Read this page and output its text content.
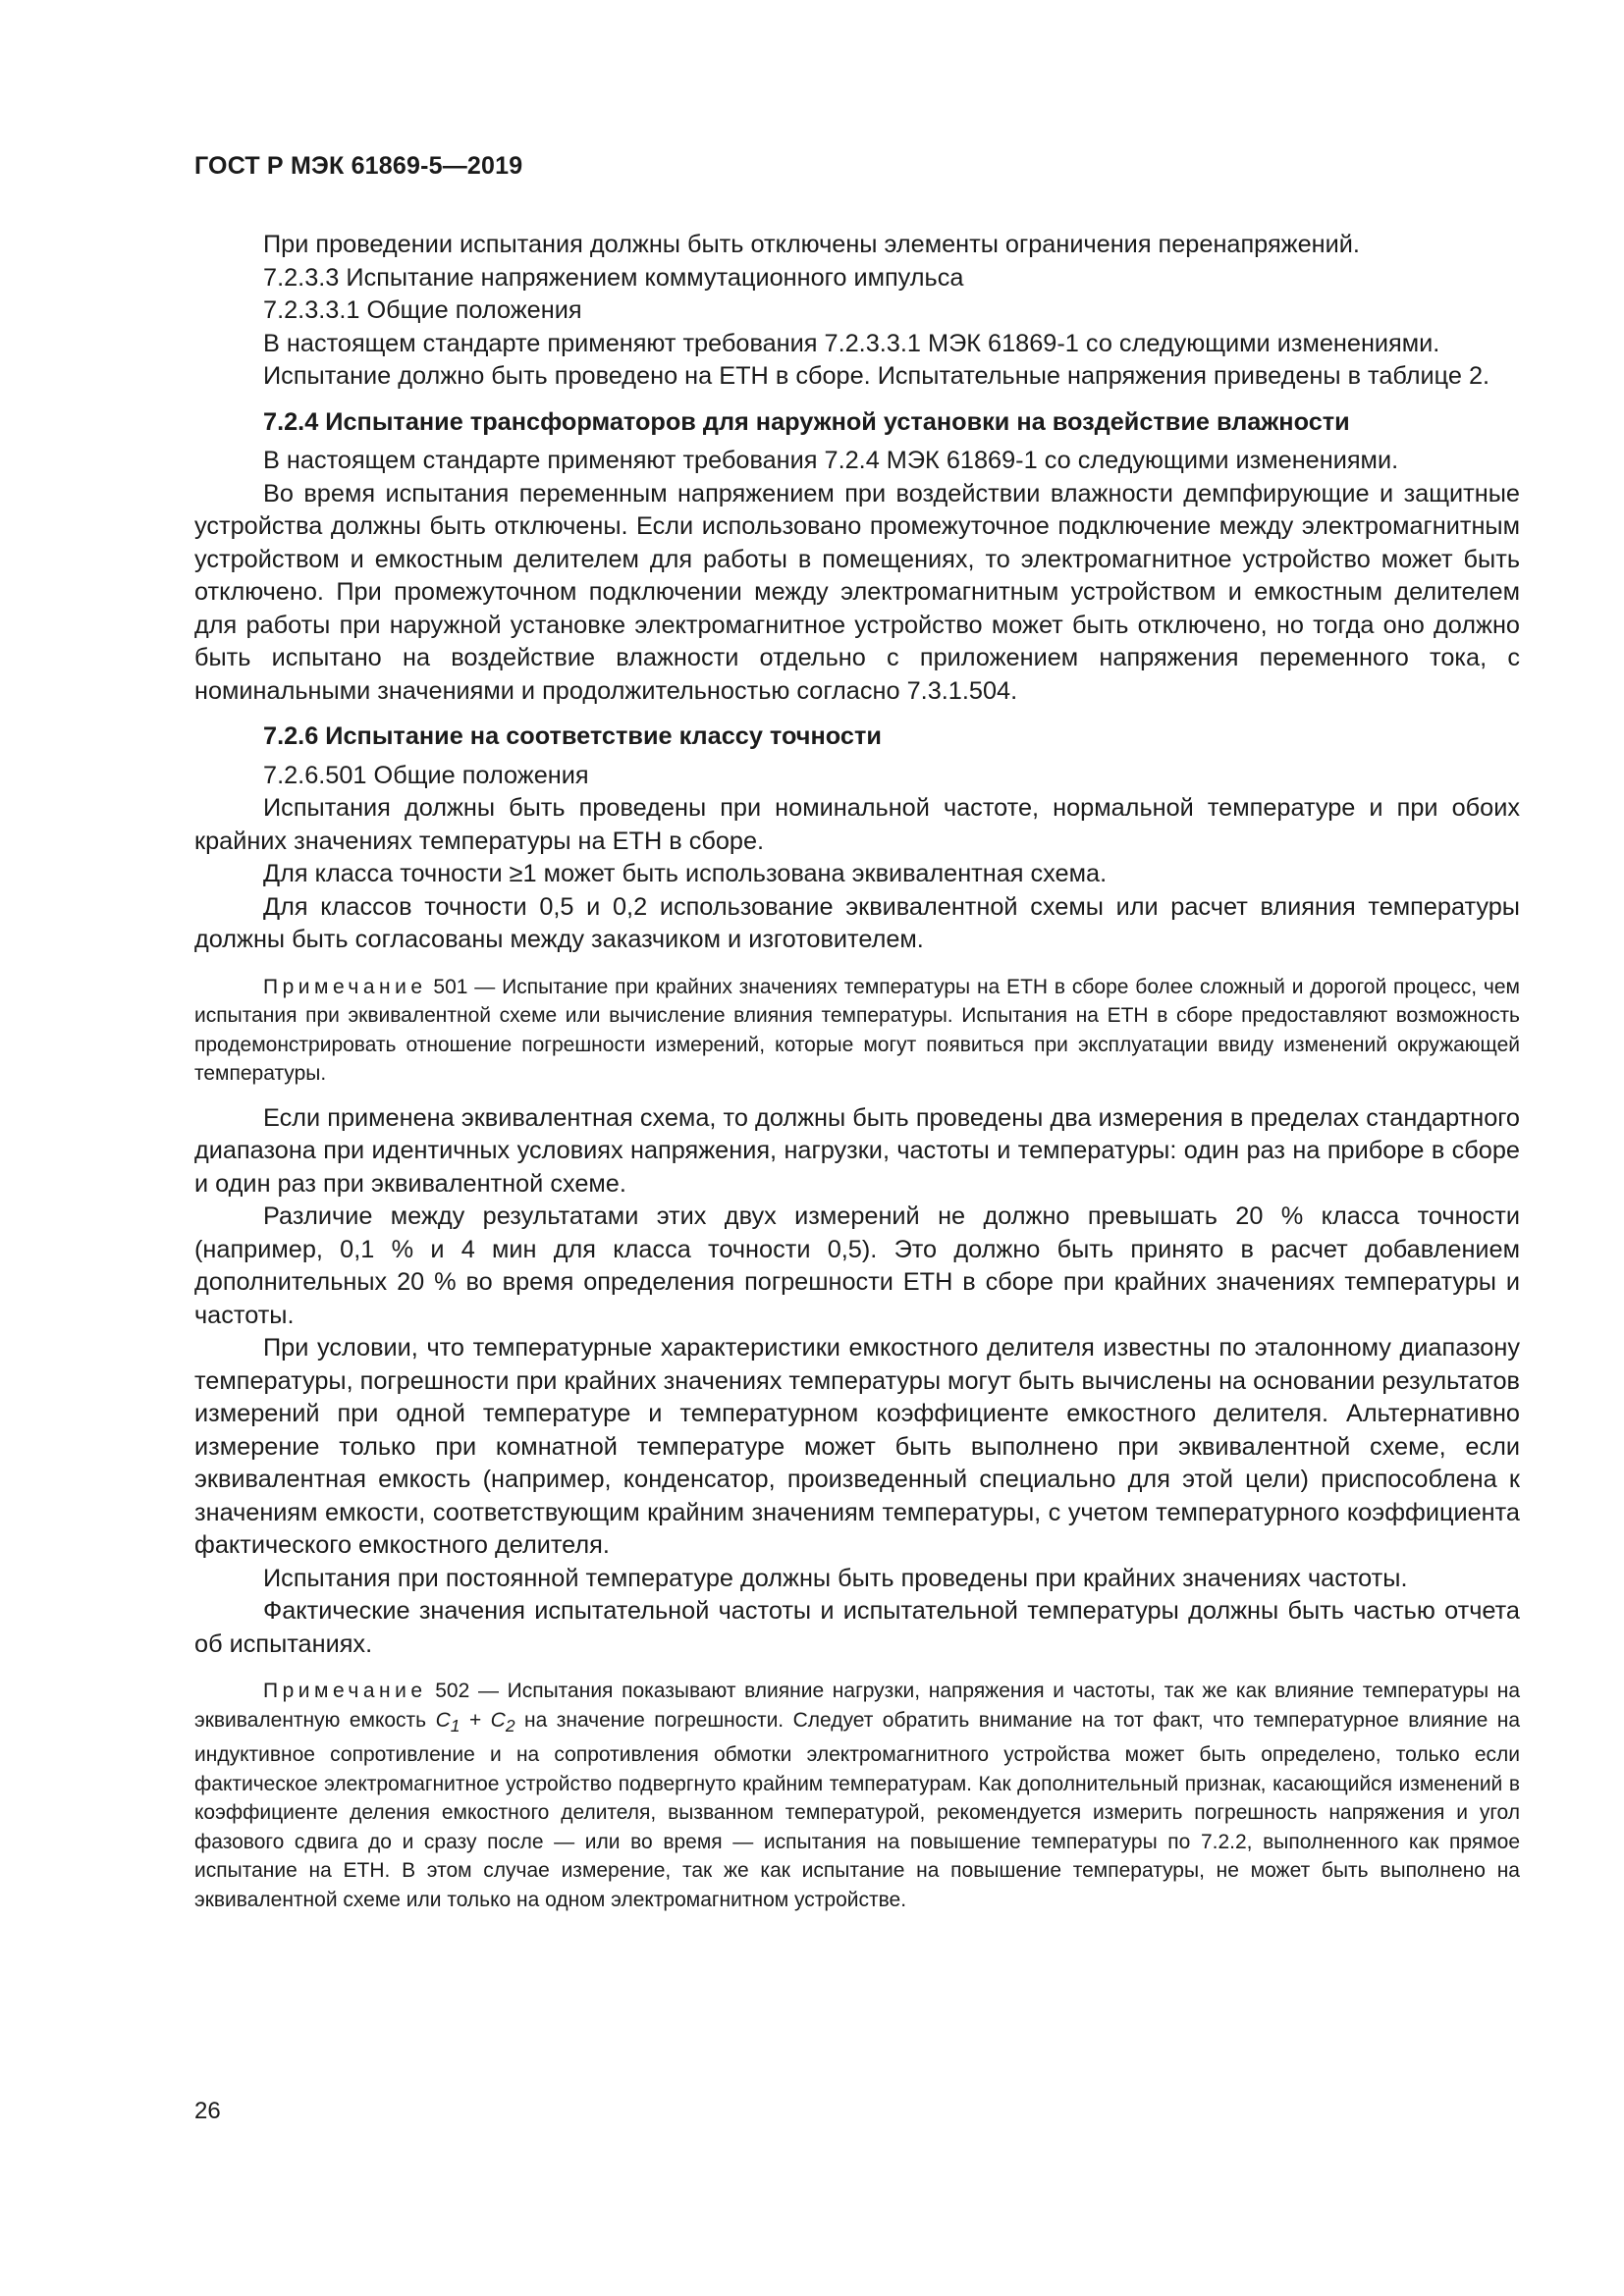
ГОСТ Р МЭК 61869-5—2019

При проведении испытания должны быть отключены элементы ограничения перенапряжений.

7.2.3.3 Испытание напряжением коммутационного импульса

7.2.3.3.1 Общие положения

В настоящем стандарте применяют требования 7.2.3.3.1 МЭК 61869-1 со следующими изменениями.

Испытание должно быть проведено на ЕТН в сборе. Испытательные напряжения приведены в таблице 2.

7.2.4 Испытание трансформаторов для наружной установки на воздействие влажности

В настоящем стандарте применяют требования 7.2.4 МЭК 61869-1 со следующими изменениями.

Во время испытания переменным напряжением при воздействии влажности демпфирующие и защитные устройства должны быть отключены. Если использовано промежуточное подключение между электромагнитным устройством и емкостным делителем для работы в помещениях, то электромагнитное устройство может быть отключено. При промежуточном подключении между электромагнитным устройством и емкостным делителем для работы при наружной установке электромагнитное устройство может быть отключено, но тогда оно должно быть испытано на воздействие влажности отдельно с приложением напряжения переменного тока, с номинальными значениями и продолжительностью согласно 7.3.1.504.

7.2.6 Испытание на соответствие классу точности

7.2.6.501 Общие положения

Испытания должны быть проведены при номинальной частоте, нормальной температуре и при обоих крайних значениях температуры на ЕТН в сборе.

Для класса точности ≥1 может быть использована эквивалентная схема.

Для классов точности 0,5 и 0,2 использование эквивалентной схемы или расчет влияния температуры должны быть согласованы между заказчиком и изготовителем.

Примечание 501 — Испытание при крайних значениях температуры на ЕТН в сборе более сложный и дорогой процесс, чем испытания при эквивалентной схеме или вычисление влияния температуры. Испытания на ЕТН в сборе предоставляют возможность продемонстрировать отношение погрешности измерений, которые могут появиться при эксплуатации ввиду изменений окружающей температуры.

Если применена эквивалентная схема, то должны быть проведены два измерения в пределах стандартного диапазона при идентичных условиях напряжения, нагрузки, частоты и температуры: один раз на приборе в сборе и один раз при эквивалентной схеме.

Различие между результатами этих двух измерений не должно превышать 20 % класса точности (например, 0,1 % и 4 мин для класса точности 0,5). Это должно быть принято в расчет добавлением дополнительных 20 % во время определения погрешности ЕТН в сборе при крайних значениях температуры и частоты.

При условии, что температурные характеристики емкостного делителя известны по эталонному диапазону температуры, погрешности при крайних значениях температуры могут быть вычислены на основании результатов измерений при одной температуре и температурном коэффициенте емкостного делителя. Альтернативно измерение только при комнатной температуре может быть выполнено при эквивалентной схеме, если эквивалентная емкость (например, конденсатор, произведенный специально для этой цели) приспособлена к значениям емкости, соответствующим крайним значениям температуры, с учетом температурного коэффициента фактического емкостного делителя.

Испытания при постоянной температуре должны быть проведены при крайних значениях частоты.

Фактические значения испытательной частоты и испытательной температуры должны быть частью отчета об испытаниях.

Примечание 502 — Испытания показывают влияние нагрузки, напряжения и частоты, так же как влияние температуры на эквивалентную емкость $C_1 + C_2$ на значение погрешности. Следует обратить внимание на тот факт, что температурное влияние на индуктивное сопротивление и на сопротивления обмотки электромагнитного устройства может быть определено, только если фактическое электромагнитное устройство подвергнуто крайним температурам. Как дополнительный признак, касающийся изменений в коэффициенте деления емкостного делителя, вызванном температурой, рекомендуется измерить погрешность напряжения и угол фазового сдвига до и сразу после — или во время — испытания на повышение температуры по 7.2.2, выполненного как прямое испытание на ЕТН. В этом случае измерение, так же как испытание на повышение температуры, не может быть выполнено на эквивалентной схеме или только на одном электромагнитном устройстве.

26
